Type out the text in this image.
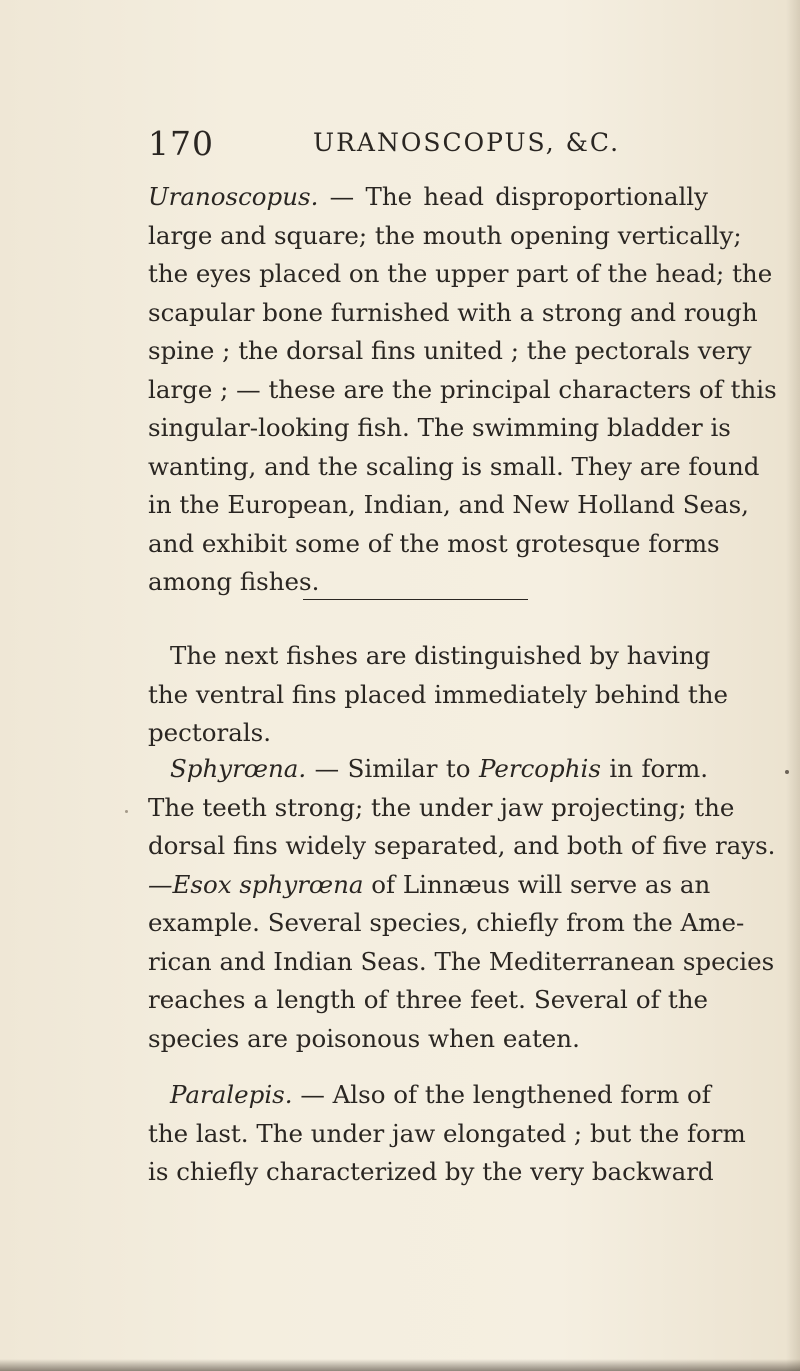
170	URANOSCOPUS, &C.
Uranoscopus. — The head disproportionally
large and square; the mouth opening vertically;
the eyes placed on the upper part of the head; the
scapular bone furnished with a strong and rough
spine ; the dorsal fins united ; the pectorals very
large ; — these are the principal characters of this
singular-looking fish. The swimming bladder is
wanting, and the scaling is small. They are found
in the European, Indian, and New Holland Seas,
and exhibit some of the most grotesque forms
among fishes.
The next fishes are distinguished by having
the ventral fins placed immediately behind the
pectorals.
Sphyrœna. — Similar to Percophis in form.
The teeth strong; the under jaw projecting; the
dorsal fins widely separated, and both of five rays.
—Esox sphyrœna of Linnæus will serve as an
example. Several species, chiefly from the Ame-
rican and Indian Seas. The Mediterranean species
reaches a length of three feet. Several of the
species are poisonous when eaten.
Paralepis. — Also of the lengthened form of
the last. The under jaw elongated ; but the form
is chiefly characterized by the very backward
